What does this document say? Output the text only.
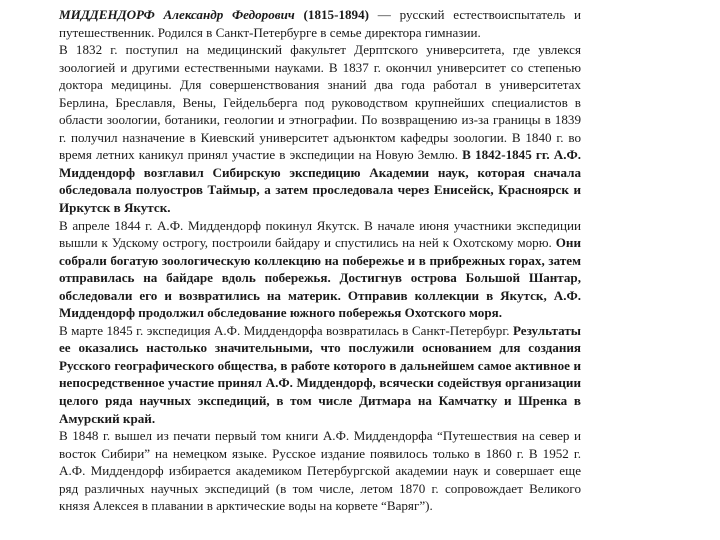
МИДДЕНДОРФ Александр Федорович (1815-1894) — русский естествоиспытатель и путешественник. Родился в Санкт-Петербурге в семье директора гимназии.

В 1832 г. поступил на медицинский факультет Дерптского университета, где увлекся зоологией и другими естественными науками. В 1837 г. окончил университет со степенью доктора медицины. Для совершенствования знаний два года работал в университетах Берлина, Бреславля, Вены, Гейдельберга под руководством крупнейших специалистов в области зоологии, ботаники, геологии и этнографии. По возвращению из-за границы в 1839 г. получил назначение в Киевский университет адъюнктом кафедры зоологии. В 1840 г. во время летних каникул принял участие в экспедиции на Новую Землю. В 1842-1845 гг. А.Ф. Миддендорф возглавил Сибирскую экспедицию Академии наук, которая сначала обследовала полуостров Таймыр, а затем проследовала через Енисейск, Красноярск и Иркутск в Якутск.

В апреле 1844 г. А.Ф. Миддендорф покинул Якутск. В начале июня участники экспедиции вышли к Удскому острогу, построили байдару и спустились на ней к Охотскому морю. Они собрали богатую зоологическую коллекцию на побережье и в прибрежных горах, затем отправилась на байдаре вдоль побережья. Достигнув острова Большой Шантар, обследовали его и возвратились на материк. Отправив коллекции в Якутск, А.Ф. Миддендорф продолжил обследование южного побережья Охотского моря.

В марте 1845 г. экспедиция А.Ф. Миддендорфа возвратилась в Санкт-Петербург. Результаты ее оказались настолько значительными, что послужили основанием для создания Русского географического общества, в работе которого в дальнейшем самое активное и непосредственное участие принял А.Ф. Миддендорф, всячески содействуя организации целого ряда научных экспедиций, в том числе Дитмара на Камчатку и Шренка в Амурский край.

В 1848 г. вышел из печати первый том книги А.Ф. Миддендорфа “Путешествия на север и восток Сибири” на немецком языке. Русское издание появилось только в 1860 г. В 1952 г. А.Ф. Миддендорф избирается академиком Петербургской академии наук и совершает еще ряд различных научных экспедиций (в том числе, летом 1870 г. сопровождает Великого князя Алексея в плавании в арктические воды на корвете “Варяг”).
